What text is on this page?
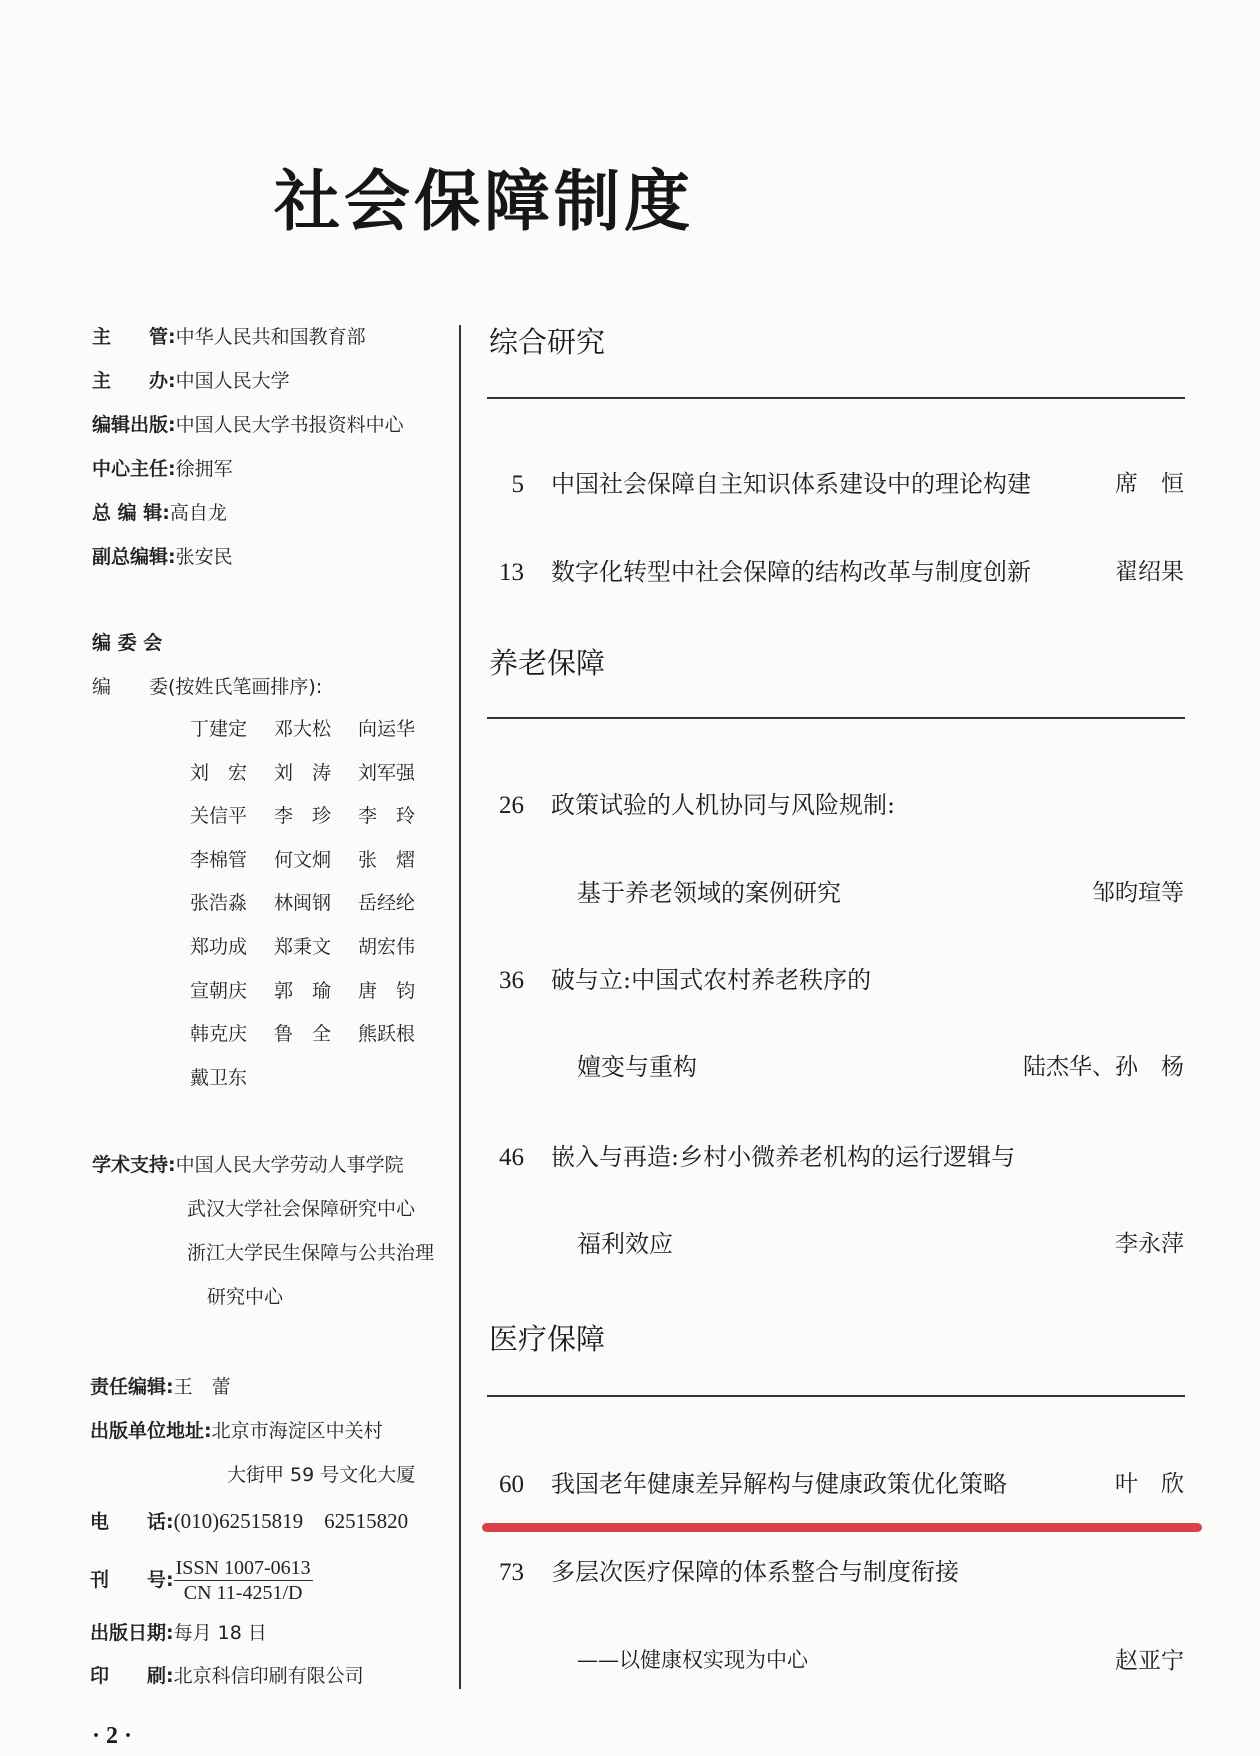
社会保障制度
主　　管:中华人民共和国教育部
主　　办:中国人民大学
编辑出版:中国人民大学书报资料中心
中心主任:徐拥军
总 编 辑:高自龙
副总编辑:张安民
编 委 会
编　　委(按姓氏笔画排序):
丁建定 邓大松 向运华
刘　宏 刘　涛 刘军强
关信平 李　珍 李　玲
李棉管 何文炯 张　熠
张浩淼 林闽钢 岳经纶
郑功成 郑秉文 胡宏伟
宣朝庆 郭　瑜 唐　钧
韩克庆 鲁　全 熊跃根
戴卫东
学术支持:中国人民大学劳动人事学院
武汉大学社会保障研究中心
浙江大学民生保障与公共治理
研究中心
责任编辑:王　蕾
出版单位地址:北京市海淀区中关村
大街甲 59 号文化大厦
电　　话:(010)62515819　62515820
刊　　号: $\frac{\text{ISSN 1007-0613}}{CN 11-4251/D}$
出版日期:每月 18 日
印　　刷:北京科信印刷有限公司
· 2 ·
综合研究
5 中国社会保障自主知识体系建设中的理论构建	席　恒
13 数字化转型中社会保障的结构改革与制度创新	翟绍果
养老保障
26 政策试验的人机协同与风险规制:
基于养老领域的案例研究	邹昀瑄等
36 破与立:中国式农村养老秩序的
嬗变与重构	陆杰华、孙　杨
46 嵌入与再造:乡村小微养老机构的运行逻辑与
福利效应	李永萍
医疗保障
60 我国老年健康差异解构与健康政策优化策略	叶　欣
73 多层次医疗保障的体系整合与制度衔接
——以健康权实现为中心	赵亚宁
